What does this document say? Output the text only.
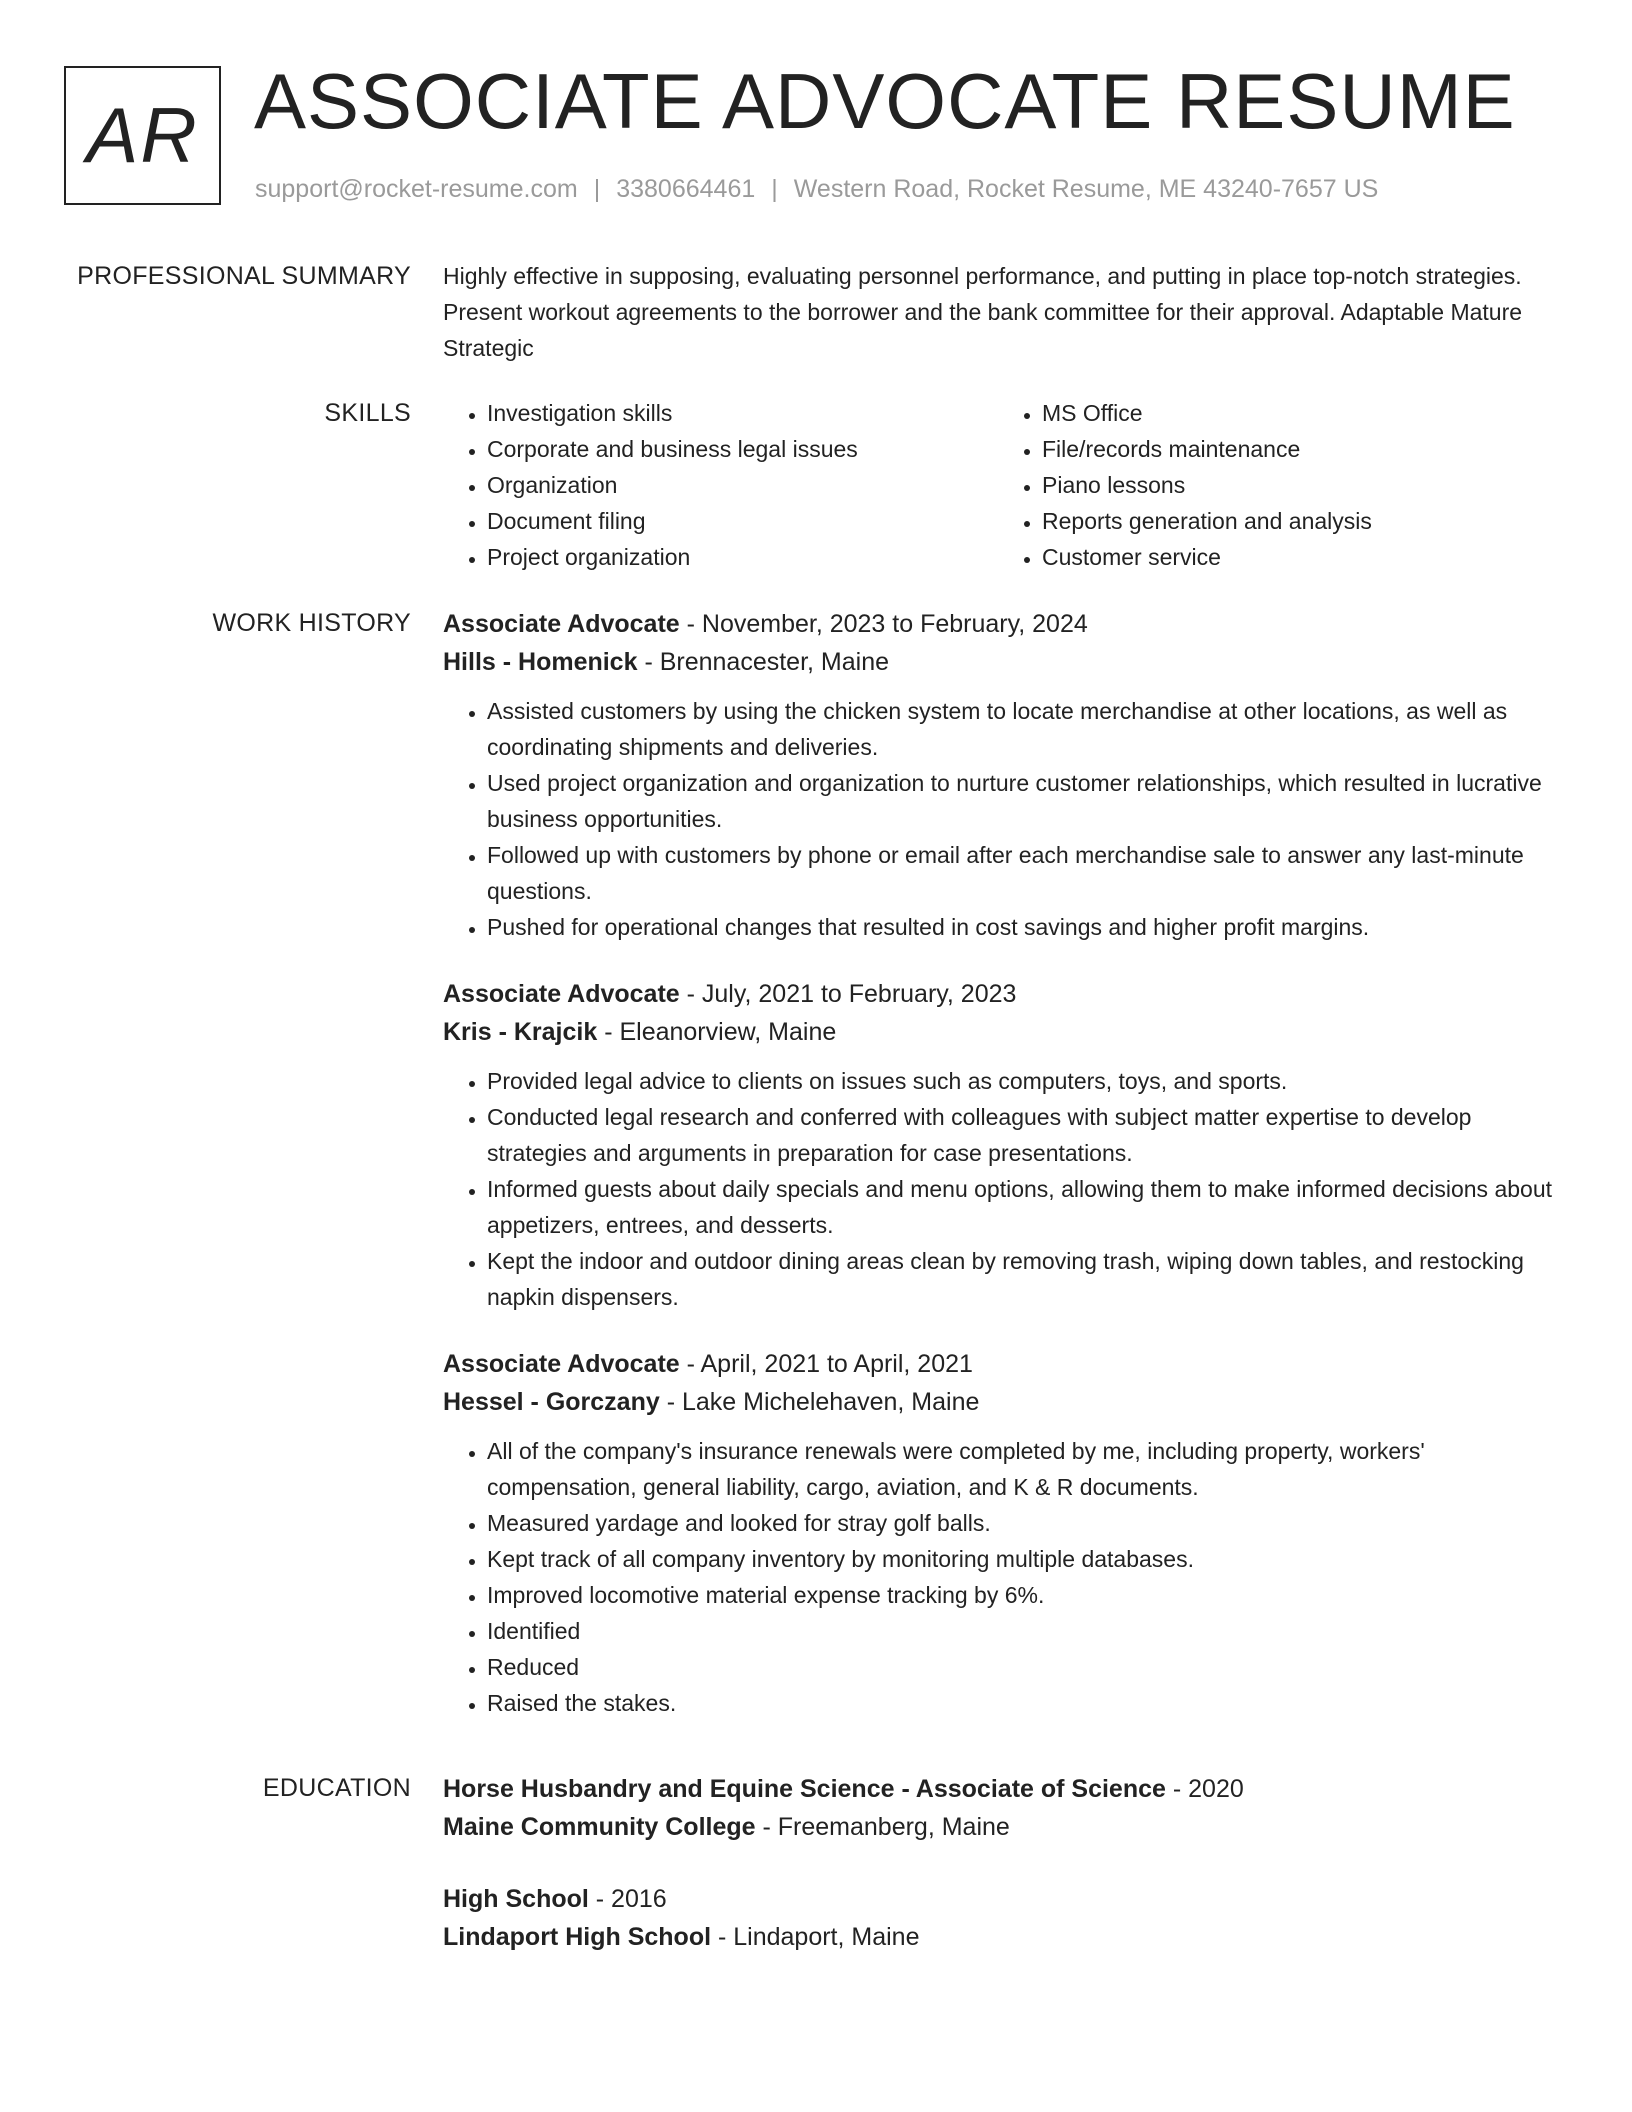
AR ASSOCIATE ADVOCATE RESUME
support@rocket-resume.com | 3380664461 | Western Road, Rocket Resume, ME 43240-7657 US
PROFESSIONAL SUMMARY Highly effective in supposing, evaluating personnel performance, and putting in place top-notch strategies. Present workout agreements to the borrower and the bank committee for their approval. Adaptable Mature Strategic
SKILLS
•	Investigation skills
• Corporate and business legal issues
• Organization
• Document filing
• Project organization
• MS Office
• File/records maintenance
• Piano lessons
• Reports generation and analysis
• Customer service
WORK HISTORY Associate Advocate - November, 2023 to February, 2024
Hills - Homenick - Brennacester, Maine
• Assisted customers by using the chicken system to locate merchandise at other locations, as well as coordinating shipments and deliveries.
• Used project organization and organization to nurture customer relationships, which resulted in lucrative business opportunities.
• Followed up with customers by phone or email after each merchandise sale to answer any last-minute questions.
• Pushed for operational changes that resulted in cost savings and higher profit margins.
Associate Advocate - July, 2021 to February, 2023
Kris - Krajcik - Eleanorview, Maine
• Provided legal advice to clients on issues such as computers, toys, and sports.
• Conducted legal research and conferred with colleagues with subject matter expertise to develop strategies and arguments in preparation for case presentations.
• Informed guests about daily specials and menu options, allowing them to make informed decisions about appetizers, entrees, and desserts.
• Kept the indoor and outdoor dining areas clean by removing trash, wiping down tables, and restocking napkin dispensers.
Associate Advocate - April, 2021 to April, 2021
Hessel - Gorczany - Lake Michelehaven, Maine
• All of the company's insurance renewals were completed by me, including property, workers' compensation, general liability, cargo, aviation, and K & R documents.
• Measured yardage and looked for stray golf balls.
• Kept track of all company inventory by monitoring multiple databases.
• Improved locomotive material expense tracking by 6%.
• Identified
• Reduced
• Raised the stakes.
EDUCATION Horse Husbandry and Equine Science - Associate of Science - 2020
Maine Community College - Freemanberg, Maine
High School - 2016
Lindaport High School - Lindaport, Maine
